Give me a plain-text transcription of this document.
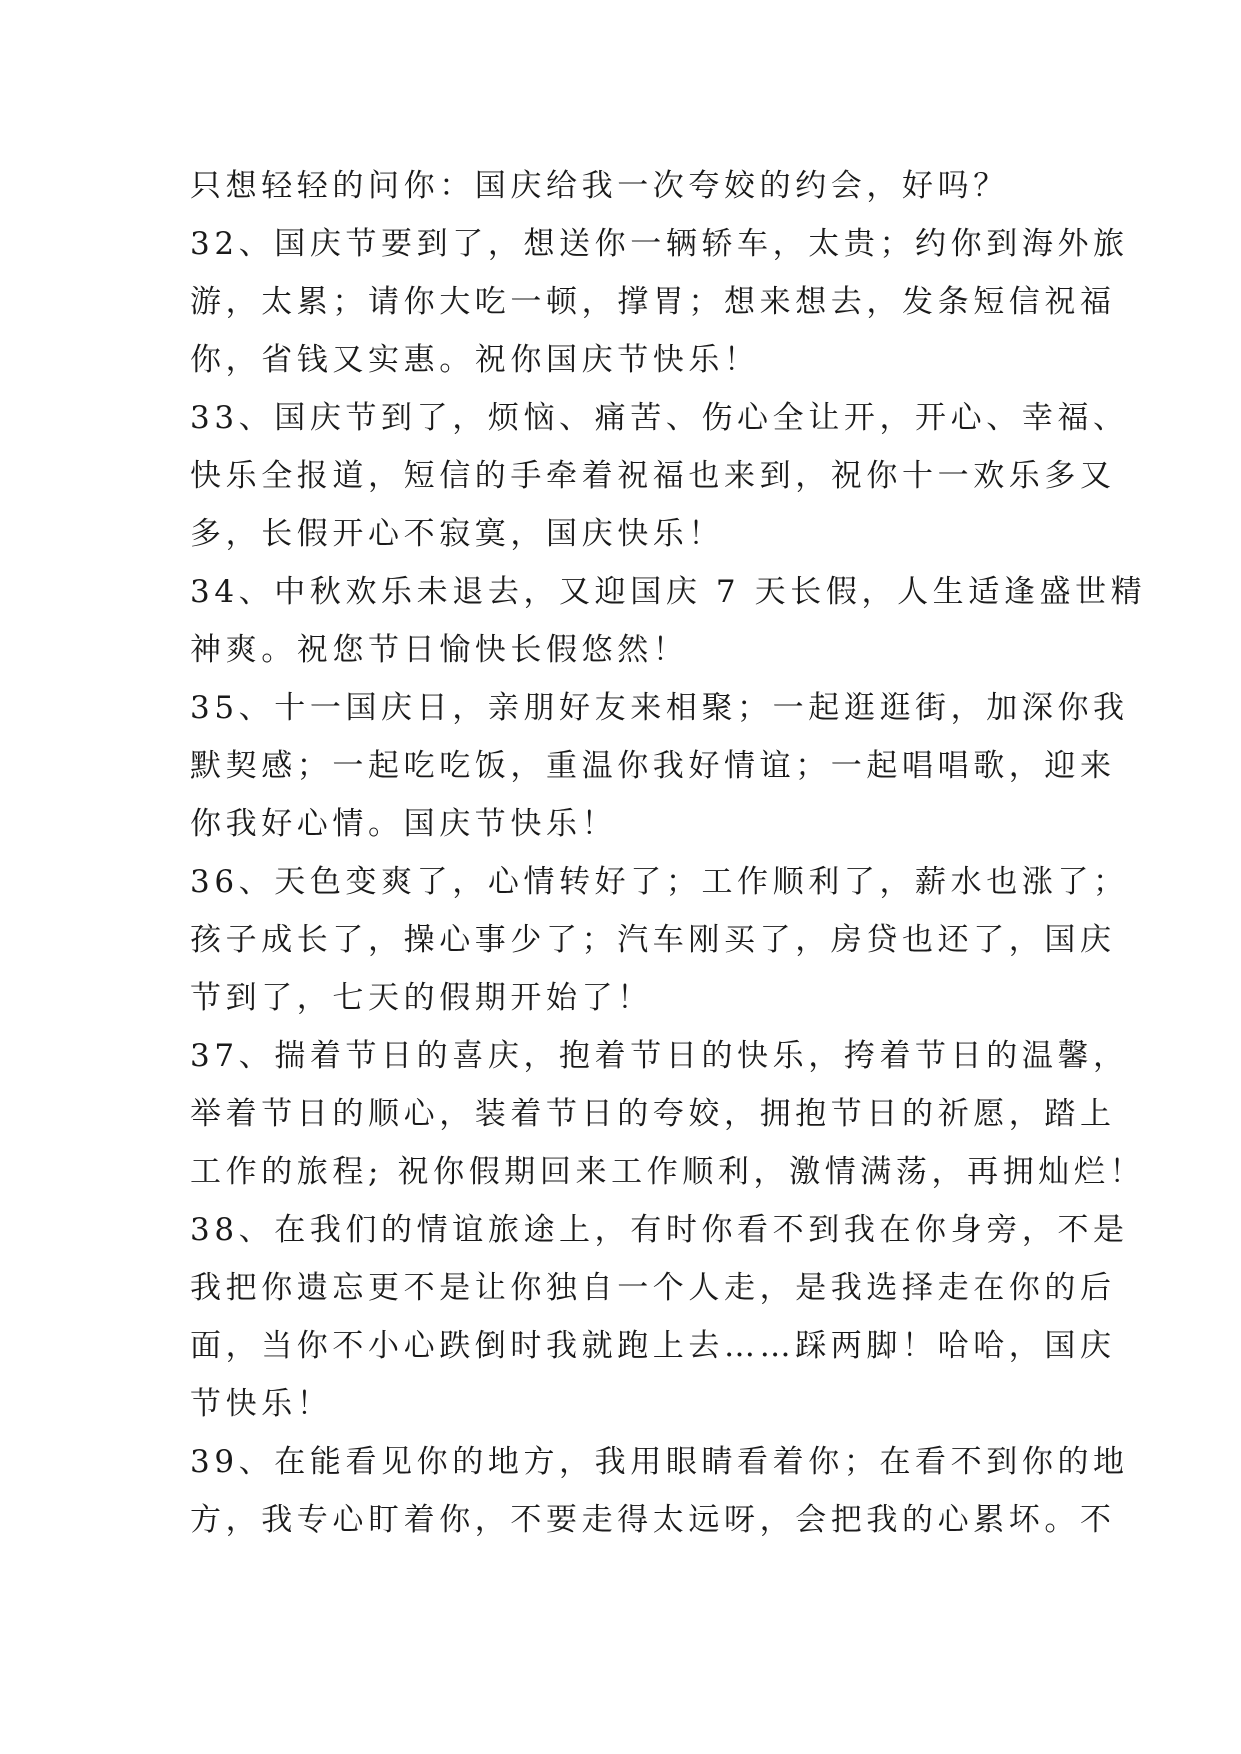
只想轻轻的问你：国庆给我一次夸姣的约会，好吗？
32、国庆节要到了，想送你一辆轿车，太贵；约你到海外旅
游，太累；请你大吃一顿，撑胃；想来想去，发条短信祝福
你，省钱又实惠。祝你国庆节快乐！
33、国庆节到了，烦恼、痛苦、伤心全让开，开心、幸福、
快乐全报道，短信的手牵着祝福也来到，祝你十一欢乐多又
多，长假开心不寂寞，国庆快乐！
34、中秋欢乐未退去，又迎国庆 7 天长假，人生适逢盛世精
神爽。祝您节日愉快长假悠然！
35、十一国庆日，亲朋好友来相聚；一起逛逛街，加深你我
默契感；一起吃吃饭，重温你我好情谊；一起唱唱歌，迎来
你我好心情。国庆节快乐！
36、天色变爽了，心情转好了；工作顺利了，薪水也涨了；
孩子成长了，操心事少了；汽车刚买了，房贷也还了，国庆
节到了，七天的假期开始了！
37、揣着节日的喜庆，抱着节日的快乐，挎着节日的温馨，
举着节日的顺心，装着节日的夸姣，拥抱节日的祈愿，踏上
工作的旅程; 祝你假期回来工作顺利，激情满荡，再拥灿烂！
38、在我们的情谊旅途上，有时你看不到我在你身旁，不是
我把你遗忘更不是让你独自一个人走，是我选择走在你的后
面，当你不小心跌倒时我就跑上去……踩两脚！哈哈，国庆
节快乐！
39、在能看见你的地方，我用眼睛看着你；在看不到你的地
方，我专心盯着你，不要走得太远呀，会把我的心累坏。不
